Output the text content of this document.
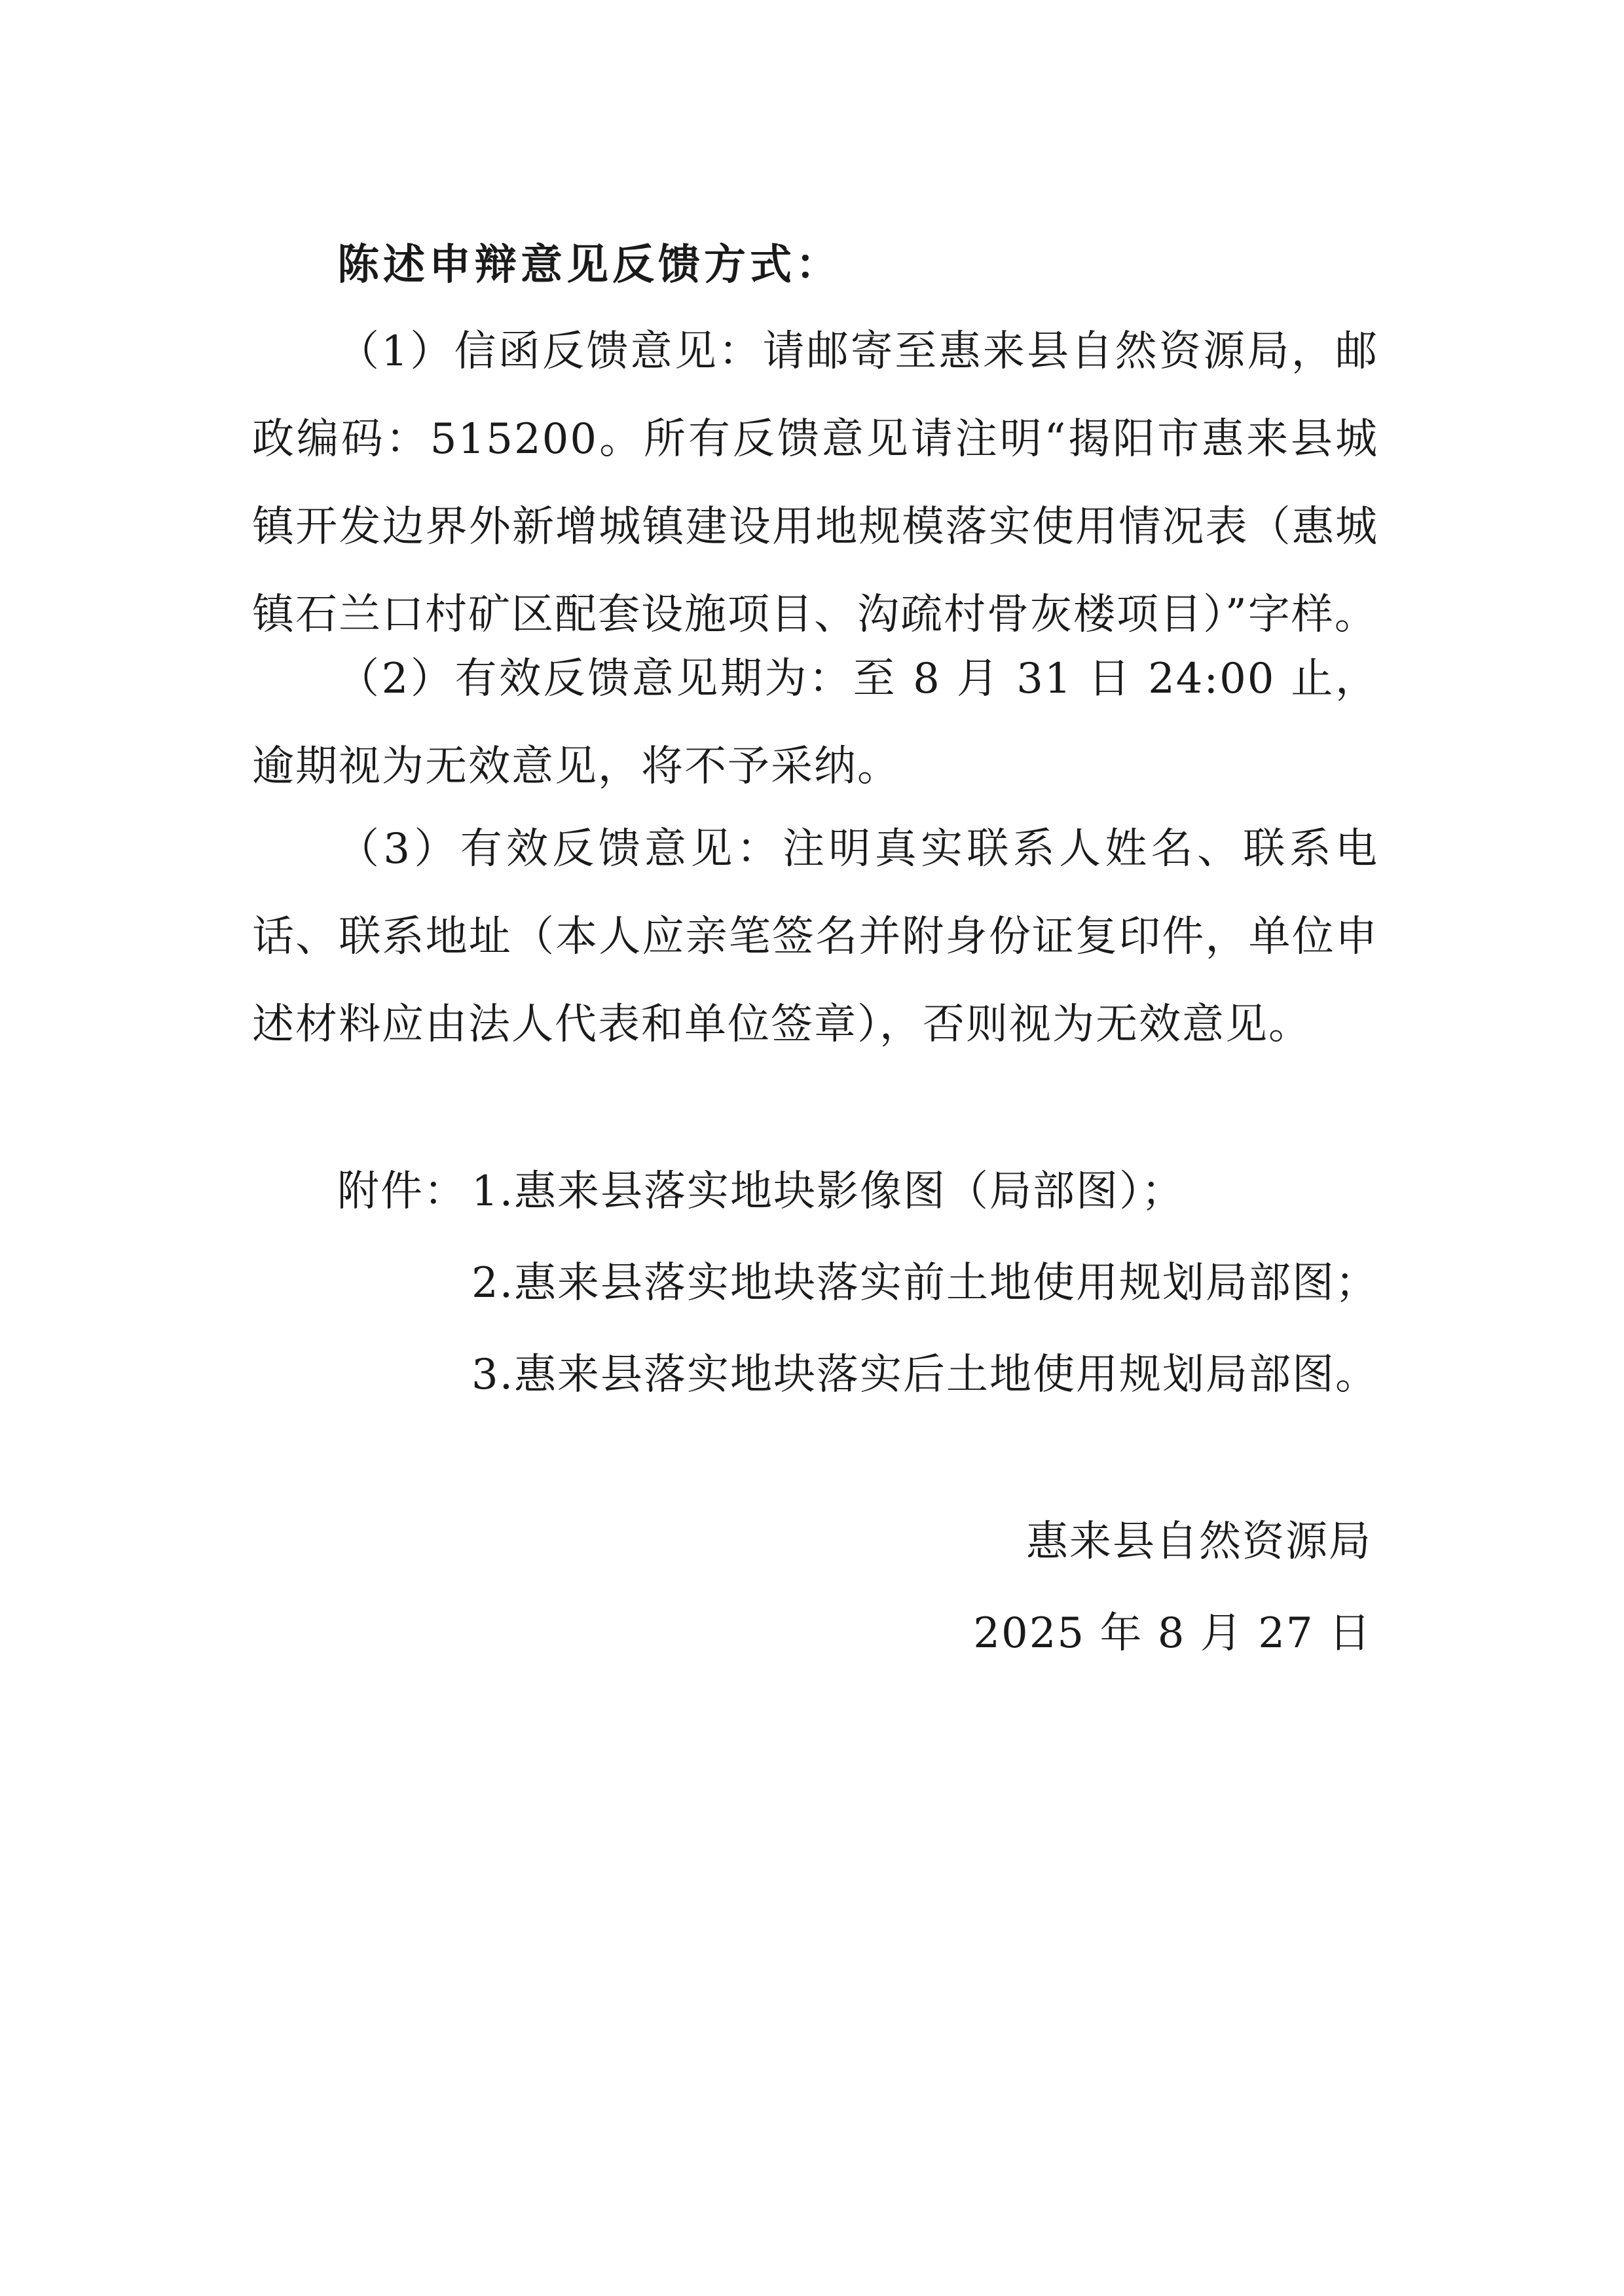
陈述申辩意见反馈方式：

（1）信函反馈意见：请邮寄至惠来县自然资源局，邮政编码：515200。所有反馈意见请注明“揭阳市惠来县城镇开发边界外新增城镇建设用地规模落实使用情况表（惠城镇石兰口村矿区配套设施项目、沟疏村骨灰楼项目）”字样。

（2）有效反馈意见期为：至 8 月 31 日 24:00 止，逾期视为无效意见，将不予采纳。

（3）有效反馈意见：注明真实联系人姓名、联系电话、联系地址（本人应亲笔签名并附身份证复印件，单位申述材料应由法人代表和单位签章），否则视为无效意见。

附件： 1.惠来县落实地块影像图（局部图）；
2.惠来县落实地块落实前土地使用规划局部图；
3.惠来县落实地块落实后土地使用规划局部图。
惠来县自然资源局
2025 年 8 月 27 日
